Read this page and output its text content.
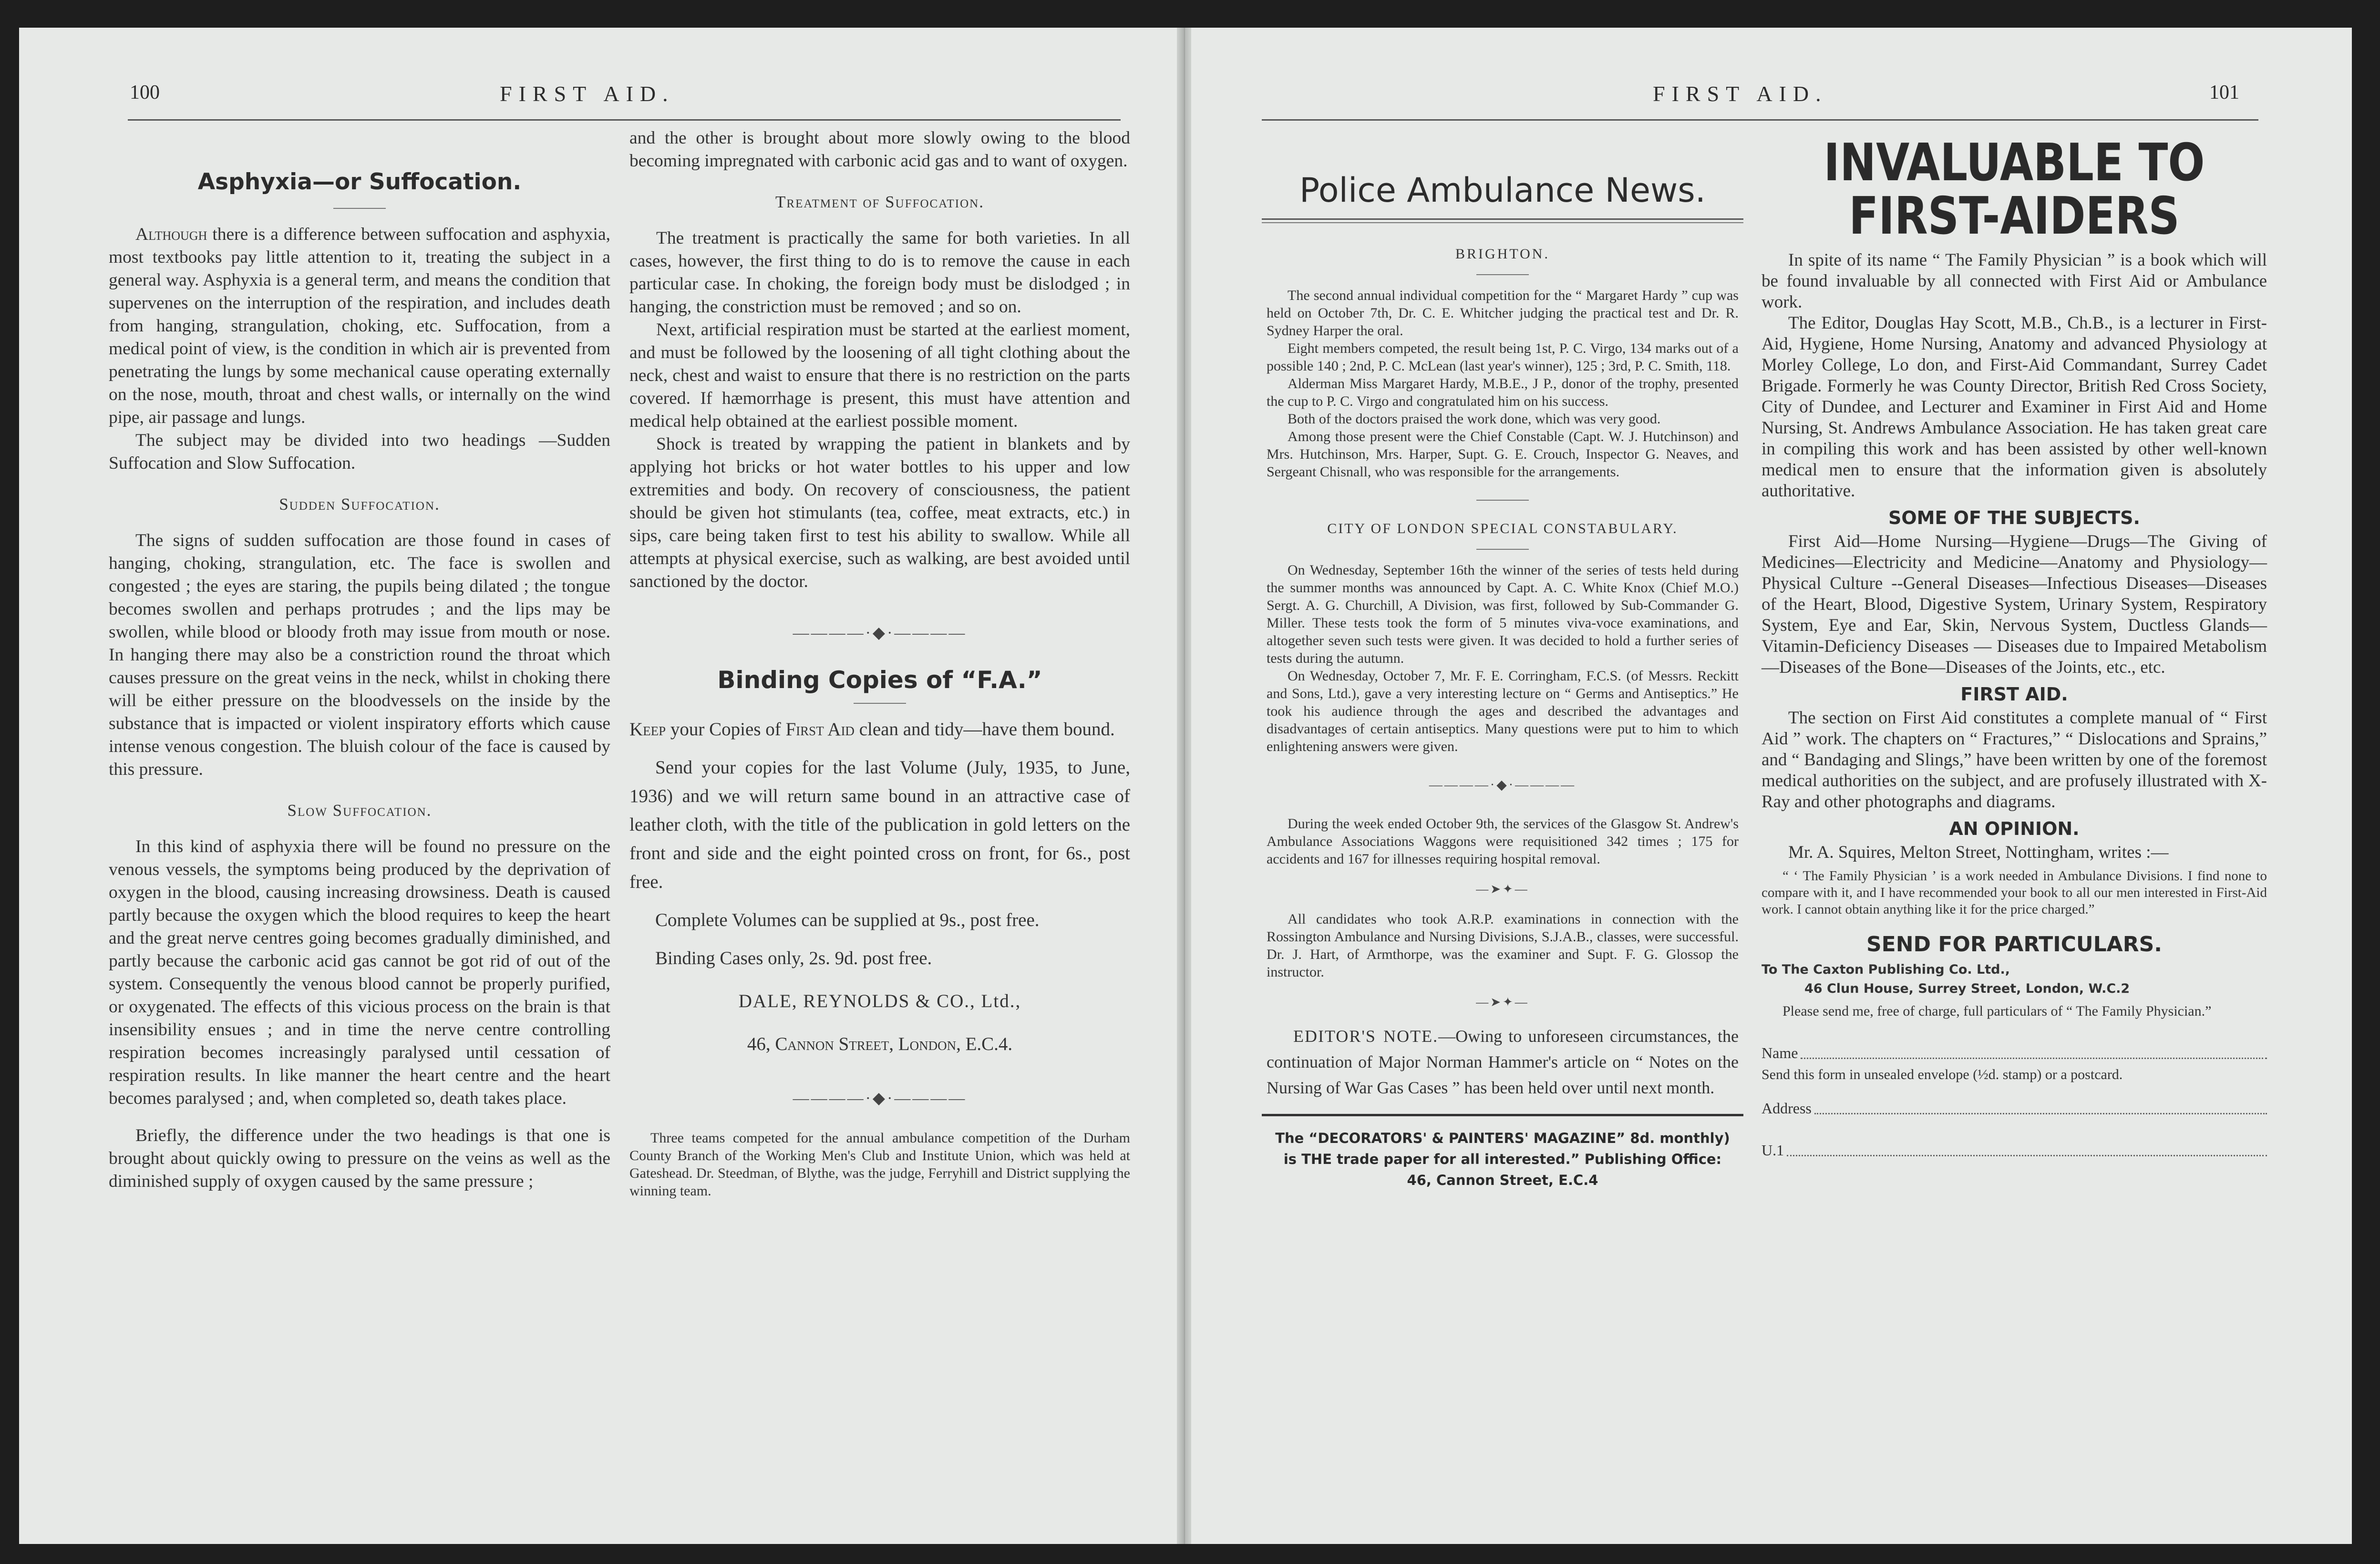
100	FIRST AID.
Asphyxia—or Suffocation.

Although there is a difference between suffocation and asphyxia, most textbooks pay little attention to it, treating the subject in a general way. Asphyxia is a general term, and means the condition that supervenes on the interruption of the respiration, and includes death from hanging, strangulation, choking, etc. Suffocation, from a medical point of view, is the condition in which air is prevented from penetrating the lungs by some mechanical cause operating externally on the nose, mouth, throat and chest walls, or internally on the wind pipe, air passage and lungs.

The subject may be divided into two headings —Sudden Suffocation and Slow Suffocation.

Sudden Suffocation.

The signs of sudden suffocation are those found in cases of hanging, choking, strangulation, etc. The face is swollen and congested ; the eyes are staring, the pupils being dilated ; the tongue becomes swollen and perhaps protrudes ; and the lips may be swollen, while blood or bloody froth may issue from mouth or nose. In hanging there may also be a constriction round the throat which causes pressure on the great veins in the neck, whilst in choking there will be either pressure on the bloodvessels on the inside by the substance that is impacted or violent inspiratory efforts which cause intense venous congestion. The bluish colour of the face is caused by this pressure.

Slow Suffocation.

In this kind of asphyxia there will be found no pressure on the venous vessels, the symptoms being produced by the deprivation of oxygen in the blood, causing increasing drowsiness. Death is caused partly because the oxygen which the blood requires to keep the heart and the great nerve centres going becomes gradually diminished, and partly because the carbonic acid gas cannot be got rid of out of the system. Consequently the venous blood cannot be properly purified, or oxygenated. The effects of this vicious process on the brain is that insensibility ensues ; and in time the nerve centre controlling respiration becomes increasingly paralysed until cessation of respiration results. In like manner the heart centre and the heart becomes paralysed ; and, when completed so, death takes place.

Briefly, the difference under the two headings is that one is brought about quickly owing to pressure on the veins as well as the diminished supply of oxygen caused by the same pressure ;

and the other is brought about more slowly owing to the blood becoming impregnated with carbonic acid gas and to want of oxygen.

Treatment of Suffocation.

The treatment is practically the same for both varieties. In all cases, however, the first thing to do is to remove the cause in each particular case. In choking, the foreign body must be dislodged ; in hanging, the constriction must be removed ; and so on.

Next, artificial respiration must be started at the earliest moment, and must be followed by the loosening of all tight clothing about the neck, chest and waist to ensure that there is no restriction on the parts covered. If hæmorrhage is present, this must have attention and medical help obtained at the earliest possible moment.

Shock is treated by wrapping the patient in blankets and by applying hot bricks or hot water bottles to his upper and low extremities and body. On recovery of consciousness, the patient should be given hot stimulants (tea, coffee, meat extracts, etc.) in sips, care being taken first to test his ability to swallow. While all attempts at physical exercise, such as walking, are best avoided until sanctioned by the doctor.

————·◆·————
Binding Copies of “F.A.”

Keep your Copies of First Aid clean and tidy—have them bound.

Send your copies for the last Volume (July, 1935, to June, 1936) and we will return same bound in an attractive case of leather cloth, with the title of the publication in gold letters on the front and side and the eight pointed cross on front, for 6s., post free.

Complete Volumes can be supplied at 9s., post free.

Binding Cases only, 2s. 9d. post free.

DALE, REYNOLDS & CO., Ltd.,
46, Cannon Street, London, E.C.4.
————·◆·————

Three teams competed for the annual ambulance competition of the Durham County Branch of the Working Men's Club and Institute Union, which was held at Gateshead. Dr. Steedman, of Blythe, was the judge, Ferryhill and District supplying the winning team.

FIRST AID.	101
Police Ambulance News.
BRIGHTON.

The second annual individual competition for the “ Margaret Hardy ” cup was held on October 7th, Dr. C. E. Whitcher judging the practical test and Dr. R. Sydney Harper the oral.

Eight members competed, the result being 1st, P. C. Virgo, 134 marks out of a possible 140 ; 2nd, P. C. McLean (last year's winner), 125 ; 3rd, P. C. Smith, 118.

Alderman Miss Margaret Hardy, M.B.E., J P., donor of the trophy, presented the cup to P. C. Virgo and congratulated him on his success.

Both of the doctors praised the work done, which was very good.

Among those present were the Chief Constable (Capt. W. J. Hutchinson) and Mrs. Hutchinson, Mrs. Harper, Supt. G. E. Crouch, Inspector G. Neaves, and Sergeant Chisnall, who was responsible for the arrangements.

CITY OF LONDON SPECIAL CONSTABULARY.

On Wednesday, September 16th the winner of the series of tests held during the summer months was announced by Capt. A. C. White Knox (Chief M.O.) Sergt. A. G. Churchill, A Division, was first, followed by Sub-Commander G. Miller. These tests took the form of 5 minutes viva-voce examinations, and altogether seven such tests were given. It was decided to hold a further series of tests during the autumn.

On Wednesday, October 7, Mr. F. E. Corringham, F.C.S. (of Messrs. Reckitt and Sons, Ltd.), gave a very interesting lecture on “ Germs and Antiseptics.” He took his audience through the ages and described the advantages and disadvantages of certain antiseptics. Many questions were put to him to which enlightening answers were given.

————·◆·————

During the week ended October 9th, the services of the Glasgow St. Andrew's Ambulance Associations Waggons were requisitioned 342 times ; 175 for accidents and 167 for illnesses requiring hospital removal.

—➤✦—

All candidates who took A.R.P. examinations in connection with the Rossington Ambulance and Nursing Divisions, S.J.A.B., classes, were successful. Dr. J. Hart, of Armthorpe, was the examiner and Supt. F. G. Glossop the instructor.

—➤✦—
EDITOR'S NOTE.—Owing to unforeseen circumstances, the continuation of Major Norman Hammer's article on “ Notes on the Nursing of War Gas Cases ” has been held over until next month.
The “DECORATORS' & PAINTERS' MAGAZINE” 8d. monthly) is THE trade paper for all interested.” Publishing Office: 46, Cannon Street, E.C.4
INVALUABLE TO
FIRST-AIDERS

In spite of its name “ The Family Physician ” is a book which will be found invaluable by all connected with First Aid or Ambulance work.

The Editor, Douglas Hay Scott, M.B., Ch.B., is a lecturer in First-Aid, Hygiene, Home Nursing, Anatomy and advanced Physiology at Morley College, Lo don, and First-Aid Commandant, Surrey Cadet Brigade. Formerly he was County Director, British Red Cross Society, City of Dundee, and Lecturer and Examiner in First Aid and Home Nursing, St. Andrews Ambulance Association. He has taken great care in compiling this work and has been assisted by other well-known medical men to ensure that the information given is absolutely authoritative.

SOME OF THE SUBJECTS.

First Aid—Home Nursing—Hygiene—Drugs—The Giving of Medicines—Electricity and Medicine—Anatomy and Physiology—Physical Culture --General Diseases—Infectious Diseases—Diseases of the Heart, Blood, Digestive System, Urinary System, Respiratory System, Eye and Ear, Skin, Nervous System, Ductless Glands—Vitamin-Deficiency Diseases — Diseases due to Impaired Metabolism—Diseases of the Bone—Diseases of the Joints, etc., etc.

FIRST AID.

The section on First Aid constitutes a complete manual of “ First Aid ” work. The chapters on “ Fractures,” “ Dislocations and Sprains,” and “ Bandaging and Slings,” have been written by one of the foremost medical authorities on the subject, and are profusely illustrated with X-Ray and other photographs and diagrams.

AN OPINION.

Mr. A. Squires, Melton Street, Nottingham, writes :—

“ ‘ The Family Physician ’ is a work needed in Ambulance Divisions. I find none to compare with it, and I have recommended your book to all our men interested in First-Aid work. I cannot obtain anything like it for the price charged.”

SEND FOR PARTICULARS.
To The Caxton Publishing Co. Ltd.,
46 Clun House, Surrey Street, London, W.C.2

Please send me, free of charge, full particulars of “ The Family Physician.”

Name
Send this form in unsealed envelope (½d. stamp) or a postcard.
Address
U.1
